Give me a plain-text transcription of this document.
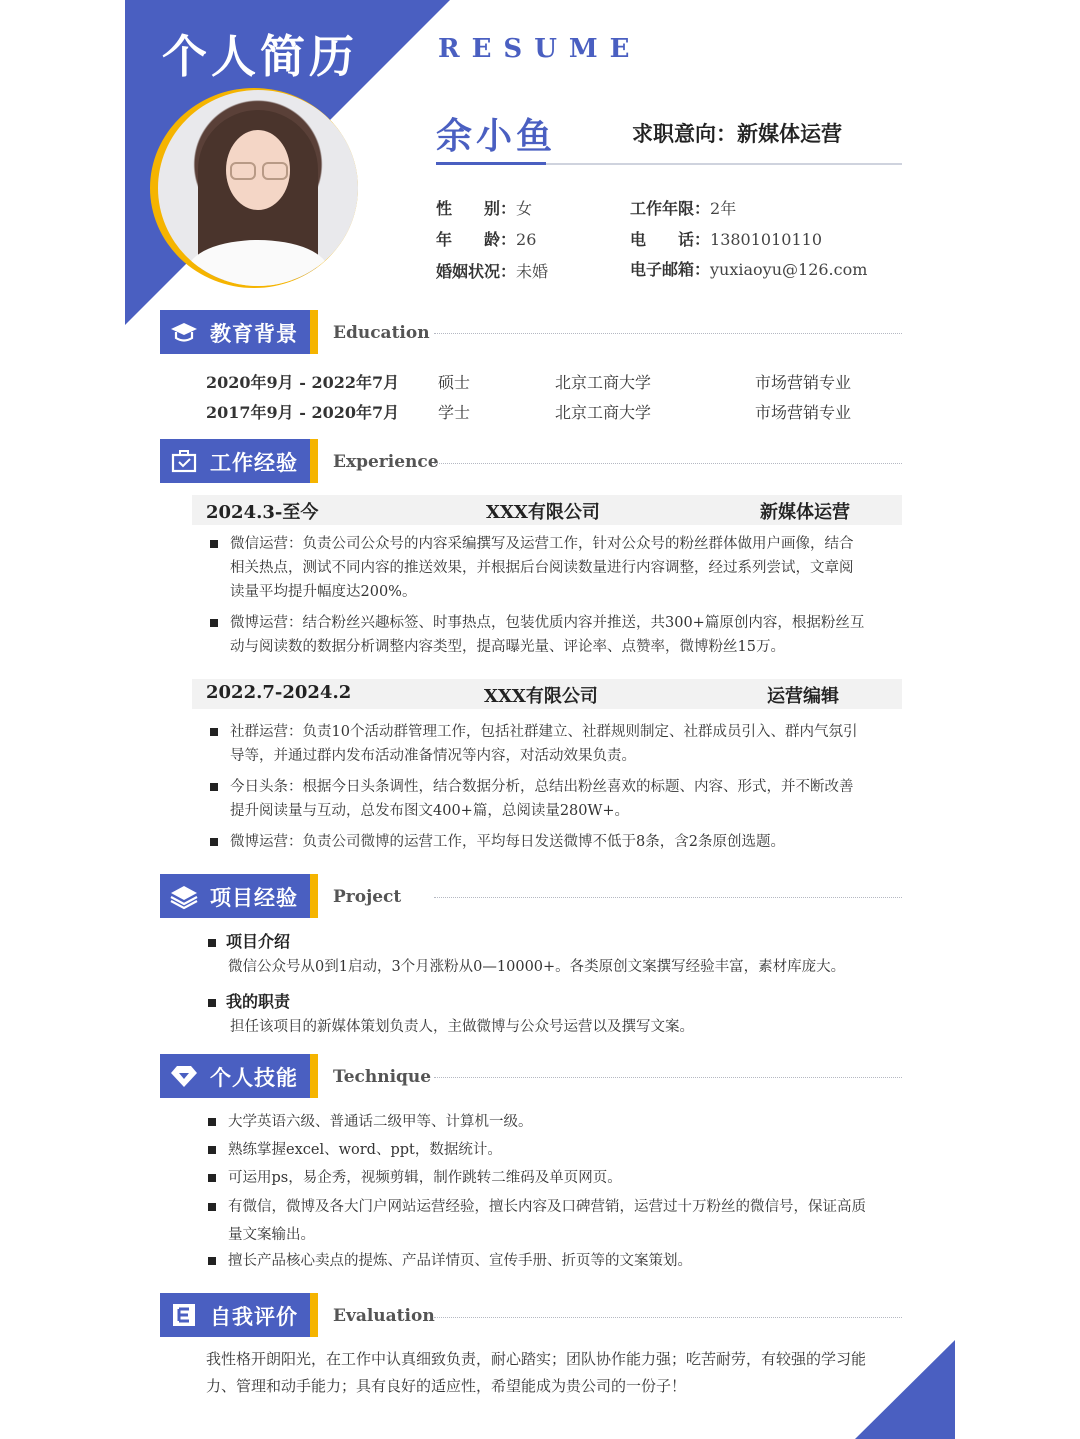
个人简历	RESUME
余小鱼	求职意向：新媒体运营
性　　别：女
年　　龄：26
婚姻状况：未婚
工作年限：2年
电　　话：13801010110
电子邮箱：yuxiaoyu@126.com
教育背景 Education
2020年9月 - 2022年7月 硕士	北京工商大学	市场营销专业
2017年9月 - 2020年7月 学士	北京工商大学	市场营销专业
工作经验 Experience
2024.3-至今	XXX有限公司	新媒体运营
微信运营：负责公司公众号的内容采编撰写及运营工作，针对公众号的粉丝群体做用户画像，结合
相关热点，测试不同内容的推送效果，并根据后台阅读数量进行内容调整，经过系列尝试，文章阅
读量平均提升幅度达200%。
微博运营：结合粉丝兴趣标签、时事热点，包装优质内容并推送，共300+篇原创内容，根据粉丝互
动与阅读数的数据分析调整内容类型，提高曝光量、评论率、点赞率，微博粉丝15万。
2022.7-2024.2	XXX有限公司	运营编辑
社群运营：负责10个活动群管理工作，包括社群建立、社群规则制定、社群成员引入、群内气氛引
导等，并通过群内发布活动准备情况等内容，对活动效果负责。
今日头条：根据今日头条调性，结合数据分析，总结出粉丝喜欢的标题、内容、形式，并不断改善
提升阅读量与互动，总发布图文400+篇，总阅读量280W+。
微博运营：负责公司微博的运营工作，平均每日发送微博不低于8条，含2条原创选题。
项目经验 Project
项目介绍
微信公众号从0到1启动，3个月涨粉从0—10000+。各类原创文案撰写经验丰富，素材库庞大。
我的职责
担任该项目的新媒体策划负责人，主做微博与公众号运营以及撰写文案。
个人技能 Technique
大学英语六级、普通话二级甲等、计算机一级。
熟练掌握excel、word、ppt，数据统计。
可运用ps，易企秀，视频剪辑，制作跳转二维码及单页网页。
有微信，微博及各大门户网站运营经验，擅长内容及口碑营销，运营过十万粉丝的微信号，保证高质
量文案输出。
擅长产品核心卖点的提炼、产品详情页、宣传手册、折页等的文案策划。
自我评价 Evaluation
我性格开朗阳光，在工作中认真细致负责，耐心踏实；团队协作能力强；吃苦耐劳，有较强的学习能
力、管理和动手能力；具有良好的适应性，希望能成为贵公司的一份子！
